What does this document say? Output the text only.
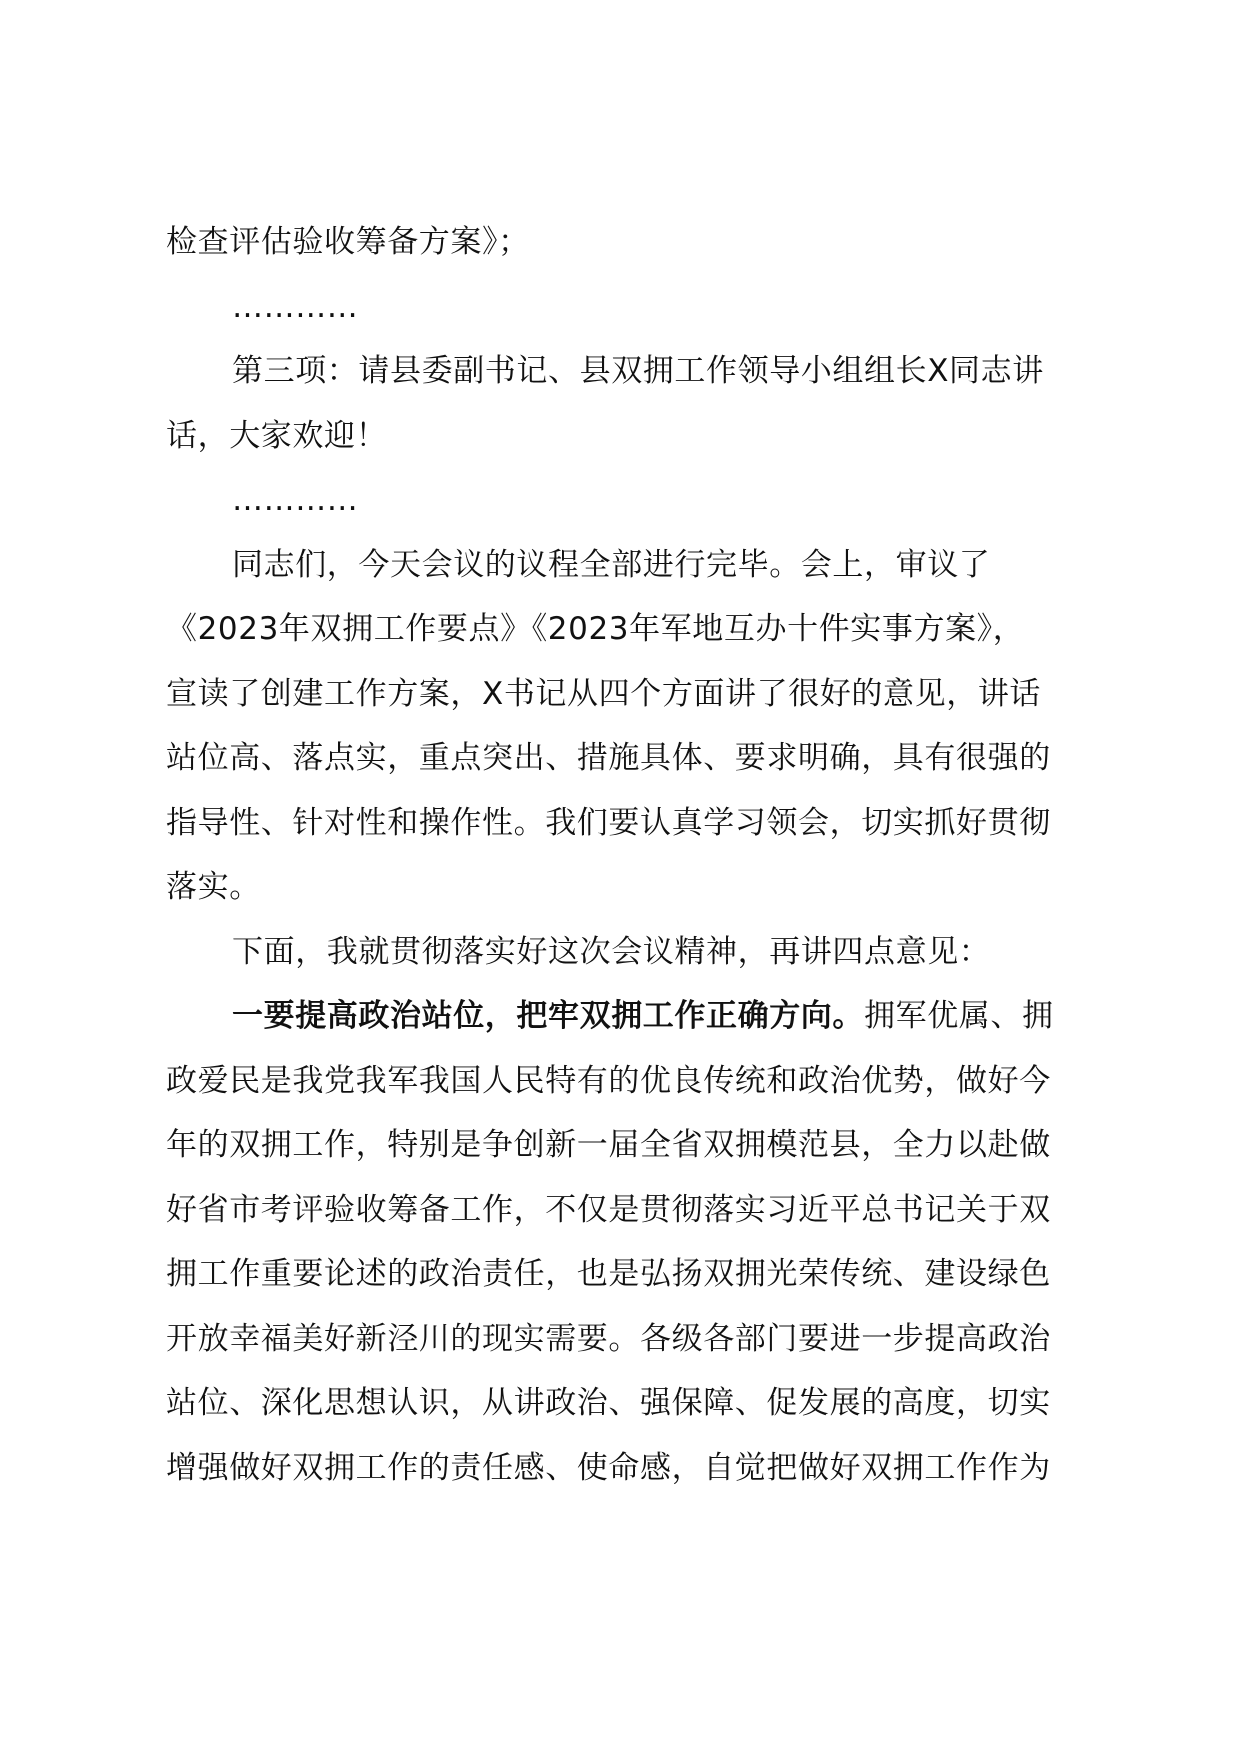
检查评估验收筹备方案》；
…………
第三项：请县委副书记、县双拥工作领导小组组长X同志讲
话，大家欢迎！
…………
同志们，今天会议的议程全部进行完毕。会上，审议了
《2023年双拥工作要点》《2023年军地互办十件实事方案》，
宣读了创建工作方案，X书记从四个方面讲了很好的意见，讲话
站位高、落点实，重点突出、措施具体、要求明确，具有很强的
指导性、针对性和操作性。我们要认真学习领会，切实抓好贯彻
落实。
下面，我就贯彻落实好这次会议精神，再讲四点意见：
一要提高政治站位，把牢双拥工作正确方向。拥军优属、拥
政爱民是我党我军我国人民特有的优良传统和政治优势，做好今
年的双拥工作，特别是争创新一届全省双拥模范县，全力以赴做
好省市考评验收筹备工作，不仅是贯彻落实习近平总书记关于双
拥工作重要论述的政治责任，也是弘扬双拥光荣传统、建设绿色
开放幸福美好新泾川的现实需要。各级各部门要进一步提高政治
站位、深化思想认识，从讲政治、强保障、促发展的高度，切实
增强做好双拥工作的责任感、使命感，自觉把做好双拥工作作为
